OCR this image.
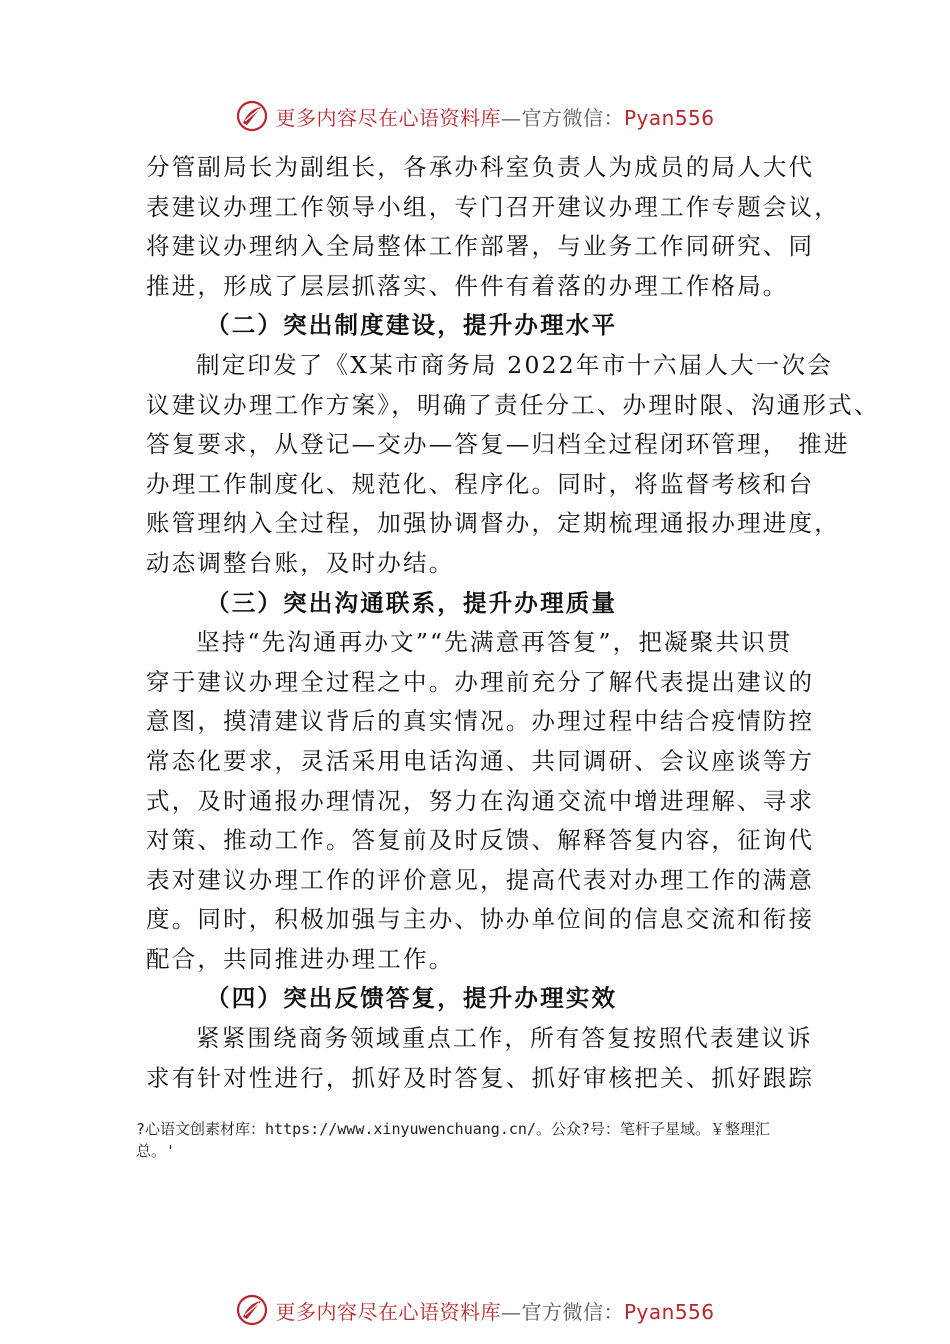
更多内容尽在心语资料库—官方微信：Pyan556
分管副局长为副组长，各承办科室负责人为成员的局人大代
表建议办理工作领导小组，专门召开建议办理工作专题会议，
将建议办理纳入全局整体工作部署，与业务工作同研究、同
推进，形成了层层抓落实、件件有着落的办理工作格局。
（二）突出制度建设，提升办理水平
制定印发了《X某市商务局 2022年市十六届人大一次会
议建议办理工作方案》，明确了责任分工、办理时限、沟通形式、
答复要求，从登记—交办—答复—归档全过程闭环管理， 推进
办理工作制度化、规范化、程序化。同时，将监督考核和台
账管理纳入全过程，加强协调督办，定期梳理通报办理进度，
动态调整台账，及时办结。
（三）突出沟通联系，提升办理质量
坚持“先沟通再办文”“先满意再答复”，把凝聚共识贯
穿于建议办理全过程之中。办理前充分了解代表提出建议的
意图，摸清建议背后的真实情况。办理过程中结合疫情防控
常态化要求，灵活采用电话沟通、共同调研、会议座谈等方
式，及时通报办理情况，努力在沟通交流中增进理解、寻求
对策、推动工作。答复前及时反馈、解释答复内容，征询代
表对建议办理工作的评价意见，提高代表对办理工作的满意
度。同时，积极加强与主办、协办单位间的信息交流和衔接
配合，共同推进办理工作。
（四）突出反馈答复，提升办理实效
紧紧围绕商务领域重点工作，所有答复按照代表建议诉
求有针对性进行，抓好及时答复、抓好审核把关、抓好跟踪
?心语文创素材库：https://www.xinyuwenchuang.cn/。公众?号：笔杆子星域。￥整理汇
总。'
更多内容尽在心语资料库—官方微信：Pyan556
